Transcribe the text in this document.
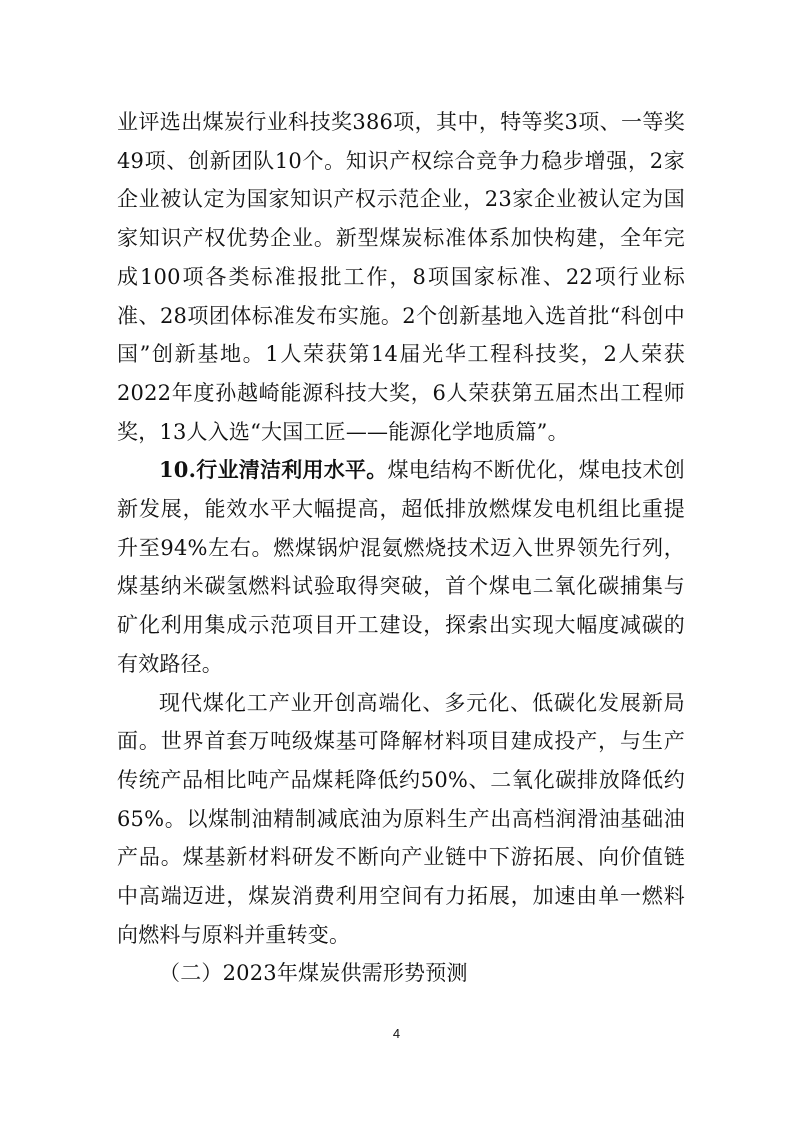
业评选出煤炭行业科技奖386项，其中，特等奖3项、一等奖49项、创新团队10个。知识产权综合竞争力稳步增强，2家企业被认定为国家知识产权示范企业，23家企业被认定为国家知识产权优势企业。新型煤炭标准体系加快构建，全年完成100项各类标准报批工作，8项国家标准、22项行业标准、28项团体标准发布实施。2个创新基地入选首批“科创中国”创新基地。1人荣获第14届光华工程科技奖，2人荣获2022年度孙越崎能源科技大奖，6人荣获第五届杰出工程师奖，13人入选“大国工匠——能源化学地质篇”。

10.行业清洁利用水平。煤电结构不断优化，煤电技术创新发展，能效水平大幅提高，超低排放燃煤发电机组比重提升至94%左右。燃煤锅炉混氨燃烧技术迈入世界领先行列，煤基纳米碳氢燃料试验取得突破，首个煤电二氧化碳捕集与矿化利用集成示范项目开工建设，探索出实现大幅度减碳的有效路径。

现代煤化工产业开创高端化、多元化、低碳化发展新局面。世界首套万吨级煤基可降解材料项目建成投产，与生产传统产品相比吨产品煤耗降低约50%、二氧化碳排放降低约65%。以煤制油精制减底油为原料生产出高档润滑油基础油产品。煤基新材料研发不断向产业链中下游拓展、向价值链中高端迈进，煤炭消费利用空间有力拓展，加速由单一燃料向燃料与原料并重转变。

（二）2023年煤炭供需形势预测

4
